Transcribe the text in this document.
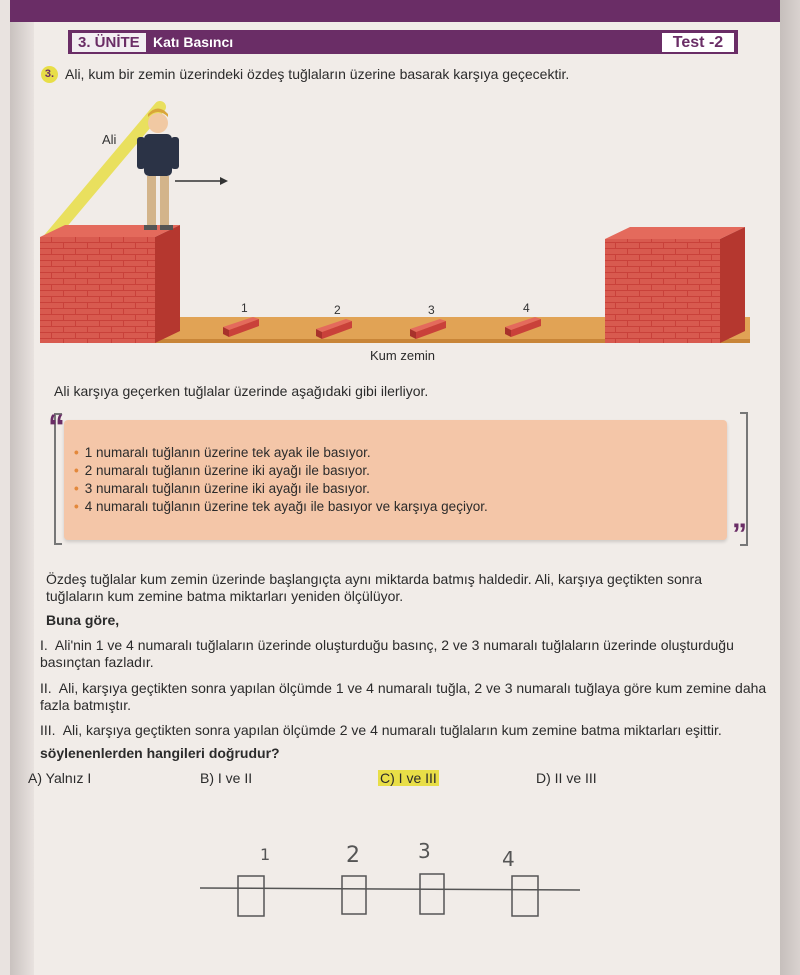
3. ÜNİTE Katı Basıncı	Test -2
3. Ali, kum bir zemin üzerindeki özdeş tuğlaların üzerine basarak karşıya geçecektir.
Ali
1	2	3	4
Kum zemin
Ali karşıya geçerken tuğlalar üzerinde aşağıdaki gibi ilerliyor.
“
”
• 1 numaralı tuğlanın üzerine tek ayak ile basıyor.
• 2 numaralı tuğlanın üzerine iki ayağı ile basıyor.
• 3 numaralı tuğlanın üzerine iki ayağı ile basıyor.
• 4 numaralı tuğlanın üzerine tek ayağı ile basıyor ve karşıya geçiyor.
Özdeş tuğlalar kum zemin üzerinde başlangıçta aynı miktarda batmış haldedir. Ali, karşıya geçtikten sonra tuğlaların kum zemine batma miktarları yeniden ölçülüyor.
Buna göre,
I. Ali'nin 1 ve 4 numaralı tuğlaların üzerinde oluşturduğu basınç, 2 ve 3 numaralı tuğlaların üzerinde oluşturduğu basınçtan fazladır.
II. Ali, karşıya geçtikten sonra yapılan ölçümde 1 ve 4 numaralı tuğla, 2 ve 3 numaralı tuğlaya göre kum zemine daha fazla batmıştır.
III. Ali, karşıya geçtikten sonra yapılan ölçümde 2 ve 4 numaralı tuğlaların kum zemine batma miktarları eşittir.
söylenenlerden hangileri doğrudur?
A) Yalnız I	B) I ve II	C) I ve III	D) II ve III
1	2	3	4
